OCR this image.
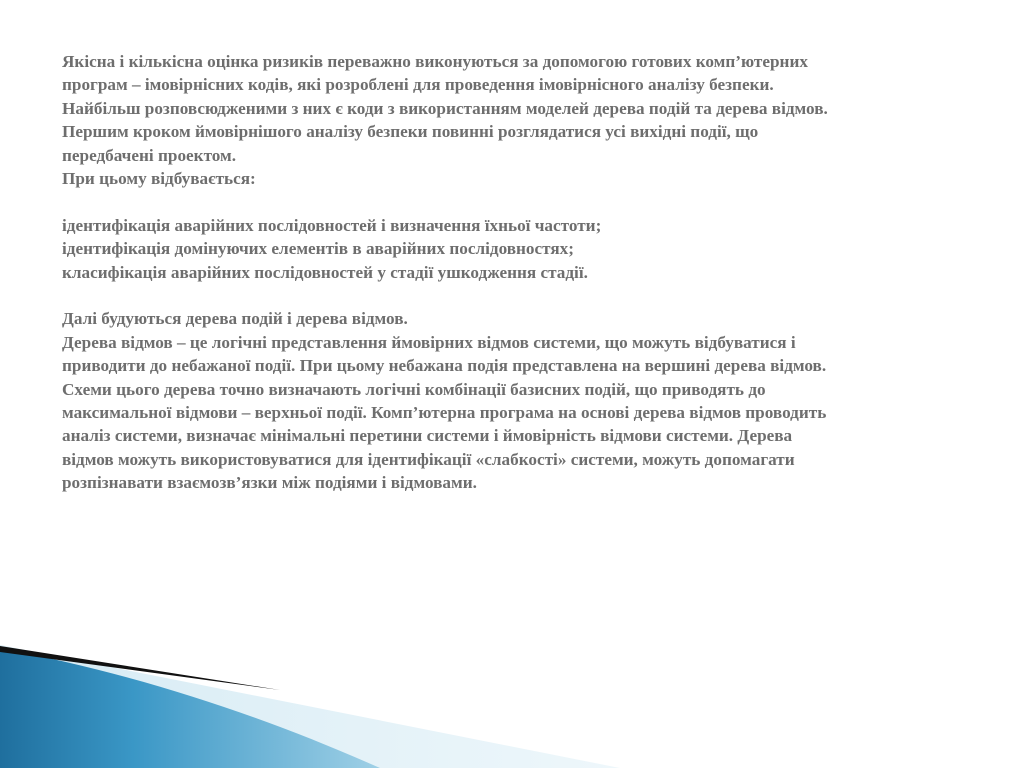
Якісна і кількісна оцінка ризиків переважно виконуються за допомогою готових комп’ютерних

програм – імовірнісних кодів, які розроблені для проведення імовірнісного аналізу безпеки.

Найбільш розповсюдженими з них є коди з використанням моделей дерева подій та дерева відмов.

Першим кроком ймовірнішого аналізу безпеки повинні розглядатися усі вихідні події, що

передбачені проектом.

При цьому відбувається:

ідентифікація аварійних послідовностей і визначення їхньої частоти;

ідентифікація домінуючих елементів в аварійних послідовностях;

класифікація аварійних послідовностей у стадії ушкодження стадії.

Далі будуються дерева подій і дерева відмов.

Дерева відмов – це логічні представлення ймовірних відмов системи, що можуть відбуватися і

приводити до небажаної події. При цьому небажана подія представлена на вершині дерева відмов.

Схеми цього дерева точно визначають логічні комбінації базисних подій, що приводять до

максимальної відмови – верхньої події. Комп’ютерна програма на основі дерева відмов проводить

аналіз системи, визначає мінімальні перетини системи і ймовірність відмови системи. Дерева

відмов можуть використовуватися для ідентифікації «слабкості» системи, можуть допомагати

розпізнавати взаємозв’язки між подіями і відмовами.
